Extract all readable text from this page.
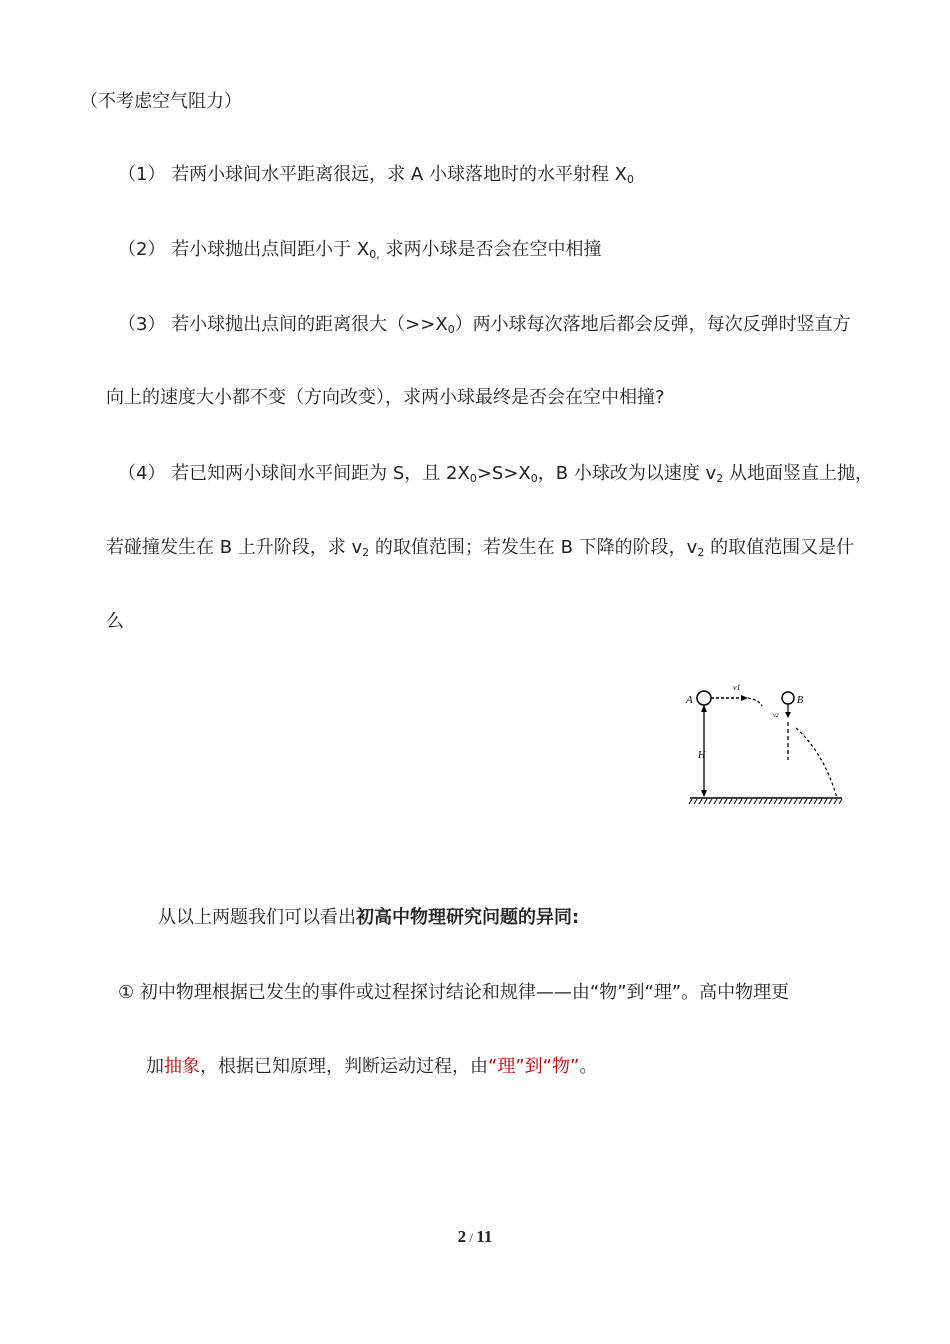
（不考虑空气阻力）
（1） 若两小球间水平距离很远，求 A 小球落地时的水平射程 $X_0$
（2） 若小球抛出点间距小于 $X_{0,}$ 求两小球是否会在空中相撞
（3） 若小球抛出点间的距离很大$(>>X_0)$两小球每次落地后都会反弹，每次反弹时竖直方
向上的速度大小都不变（方向改变），求两小球最终是否会在空中相撞?
（4） 若已知两小球间水平间距为 S，且 $2X_0>S>X_0$，B 小球改为以速度 $v_2$ 从地面竖直上抛，
若碰撞发生在 B 上升阶段，求 $v_2$ 的取值范围；若发生在 B 下降的阶段，$v_2$ 的取值范围又是什
么
A
v1
H
B
v2
从以上两题我们可以看出初高中物理研究问题的异同:
① 初中物理根据已发生的事件或过程探讨结论和规律——由“物”到“理”。高中物理更
加抽象，根据已知原理，判断运动过程，由“理”到“物”。
2 / 11
